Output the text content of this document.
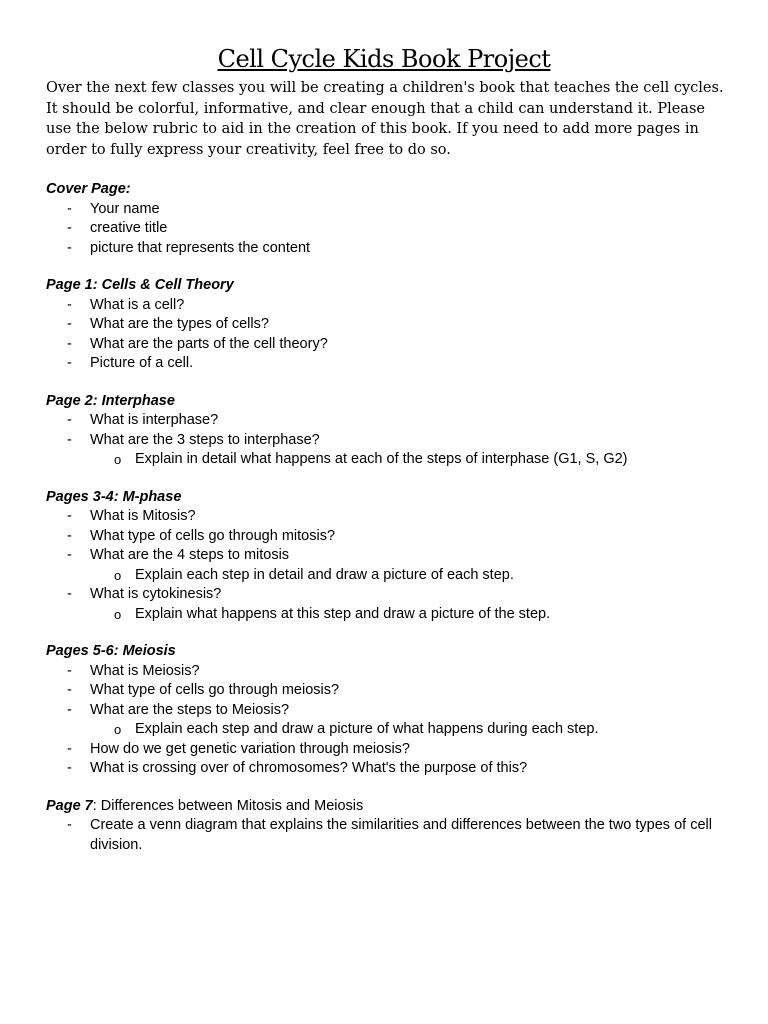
Cell Cycle Kids Book Project

Over the next few classes you will be creating a children's book that teaches the cell cycles. It should be colorful, informative, and clear enough that a child can understand it. Please use the below rubric to aid in the creation of this book. If you need to add more pages in order to fully express your creativity, feel free to do so.

Cover Page:

- Your name
- creative title
- picture that represents the content

Page 1: Cells & Cell Theory

- What is a cell?
- What are the types of cells?
- What are the parts of the cell theory?
- Picture of a cell.

Page 2: Interphase

- What is interphase?
- What are the 3 steps to interphase?
o Explain in detail what happens at each of the steps of interphase (G1, S, G2)

Pages 3-4: M-phase

- What is Mitosis?
- What type of cells go through mitosis?
- What are the 4 steps to mitosis
o Explain each step in detail and draw a picture of each step.
- What is cytokinesis?
o Explain what happens at this step and draw a picture of the step.

Pages 5-6: Meiosis

- What is Meiosis?
- What type of cells go through meiosis?
- What are the steps to Meiosis?
o Explain each step and draw a picture of what happens during each step.
- How do we get genetic variation through meiosis?
- What is crossing over of chromosomes? What's the purpose of this?

Page 7: Differences between Mitosis and Meiosis

- Create a venn diagram that explains the similarities and differences between the two types of cell division.
